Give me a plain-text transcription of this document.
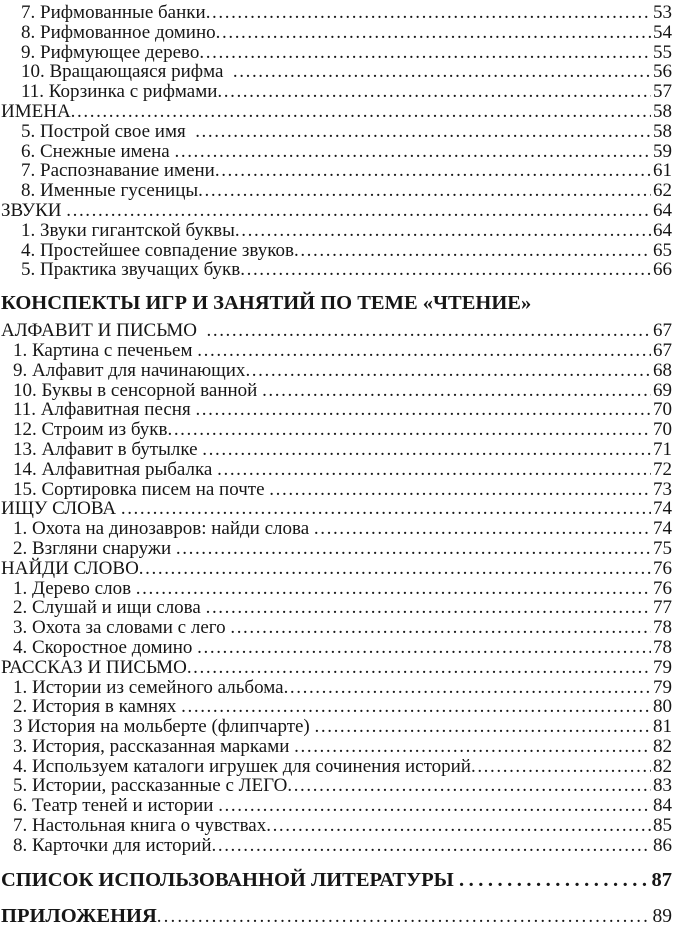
7. Рифмованные банки .....	53
8. Рифмованное домино .....	54
9. Рифмующее дерево .....	55
10. Вращающаяся рифма .....	56
11. Корзинка с рифмами .....	57
ИМЕНА .....	58
5. Построй свое имя .....	58
6. Снежные имена .....	59
7. Распознавание имени .....	61
8. Именные гусеницы .....	62
ЗВУКИ .....	64
1. Звуки гигантской буквы .....	64
4. Простейшее совпадение звуков .....	65
5. Практика звучащих букв .....	66
КОНСПЕКТЫ ИГР И ЗАНЯТИЙ ПО ТЕМЕ «ЧТЕНИЕ»
АЛФАВИТ И ПИСЬМО .....	67
1. Картина с печеньем .....	67
9. Алфавит для начинающих .....	68
10. Буквы в сенсорной ванной .....	69
11. Алфавитная песня .....	70
12. Строим из букв .....	70
13. Алфавит в бутылке .....	71
14. Алфавитная рыбалка .....	72
15. Сортировка писем на почте .....	73
ИЩУ СЛОВА .....	74
1. Охота на динозавров: найди слова .....	74
2. Взгляни снаружи .....	75
НАЙДИ СЛОВО .....	76
1. Дерево слов .....	76
2. Слушай и ищи слова .....	77
3. Охота за словами с лего .....	78
4. Скоростное домино .....	78
РАССКАЗ И ПИСЬМО .....	79
1. Истории из семейного альбома .....	79
2. История в камнях .....	80
3 История на мольберте (флипчарте) .....	81
3. История, рассказанная марками .....	82
4. Используем каталоги игрушек для сочинения историй .....	82
5. Истории, рассказанные с ЛЕГО .....	83
6. Театр теней и истории .....	84
7. Настольная книга о чувствах .....	85
8. Карточки для историй .....	86
СПИСОК ИСПОЛЬЗОВАННОЙ ЛИТЕРАТУРЫ .....	87
ПРИЛОЖЕНИЯ .....	89
